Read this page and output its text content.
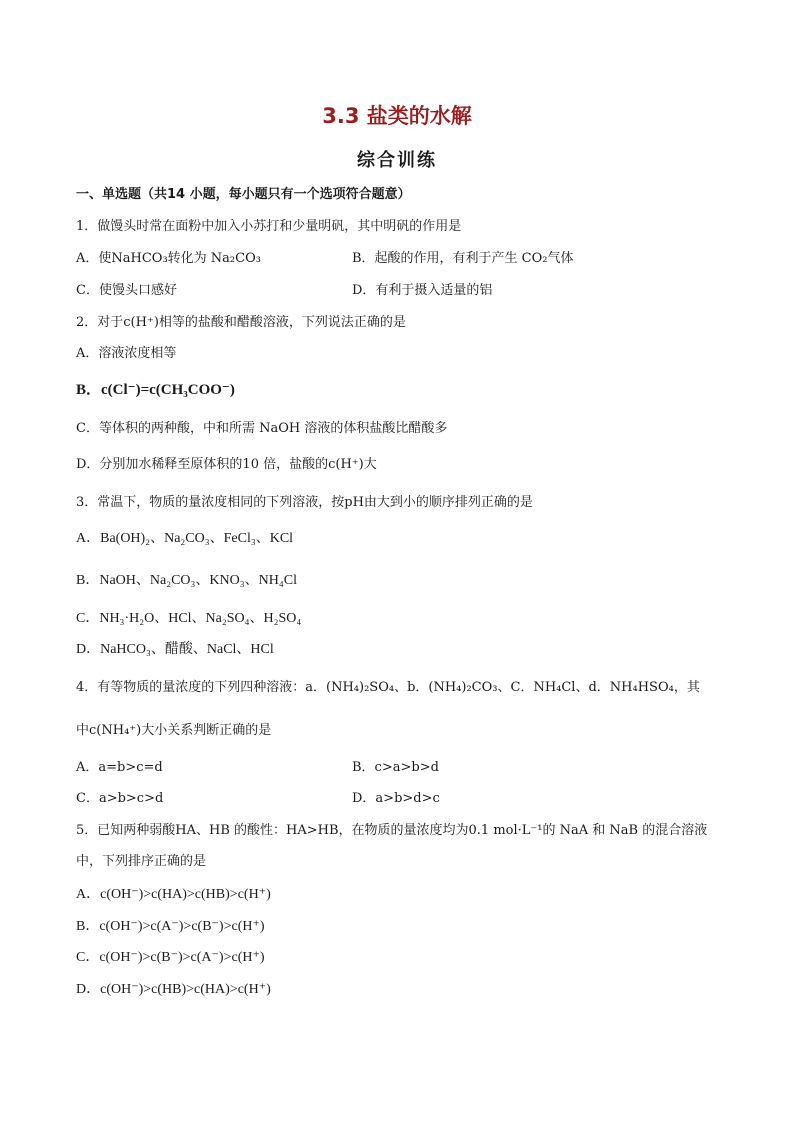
3.3 盐类的水解
综合训练
一、单选题（共14 小题，每小题只有一个选项符合题意）
1．做馒头时常在面粉中加入小苏打和少量明矾，其中明矾的作用是
A．使NaHCO₃转化为 Na₂CO₃	B．起酸的作用，有利于产生 CO₂气体
C．使馒头口感好	D．有利于摄入适量的铝
2．对于c(H⁺)相等的盐酸和醋酸溶液，下列说法正确的是
A．溶液浓度相等
B．c(Cl⁻)=c(CH₃COO⁻)
C．等体积的两种酸，中和所需 NaOH 溶液的体积盐酸比醋酸多
D．分别加水稀释至原体积的10 倍，盐酸的c(H⁺)大
3．常温下，物质的量浓度相同的下列溶液，按pH由大到小的顺序排列正确的是
A．Ba(OH)₂、Na₂CO₃、FeCl₃、KCl
B．NaOH、Na₂CO₃、KNO₃、NH₄Cl
C．NH₃·H₂O、HCl、Na₂SO₄、H₂SO₄
D．NaHCO₃、醋酸、NaCl、HCl
4．有等物质的量浓度的下列四种溶液：a．(NH₄)₂SO₄、b．(NH₄)₂CO₃、C．NH₄Cl、d．NH₄HSO₄，其
中c(NH₄⁺)大小关系判断正确的是
A．a=b>c=d	B．c>a>b>d
C．a>b>c>d	D．a>b>d>c
5．已知两种弱酸HA、HB 的酸性：HA>HB，在物质的量浓度均为0.1 mol·L⁻¹的 NaA 和 NaB 的混合溶液
中，下列排序正确的是
A．c(OH⁻)>c(HA)>c(HB)>c(H⁺)
B．c(OH⁻)>c(A⁻)>c(B⁻)>c(H⁺)
C．c(OH⁻)>c(B⁻)>c(A⁻)>c(H⁺)
D．c(OH⁻)>c(HB)>c(HA)>c(H⁺)
